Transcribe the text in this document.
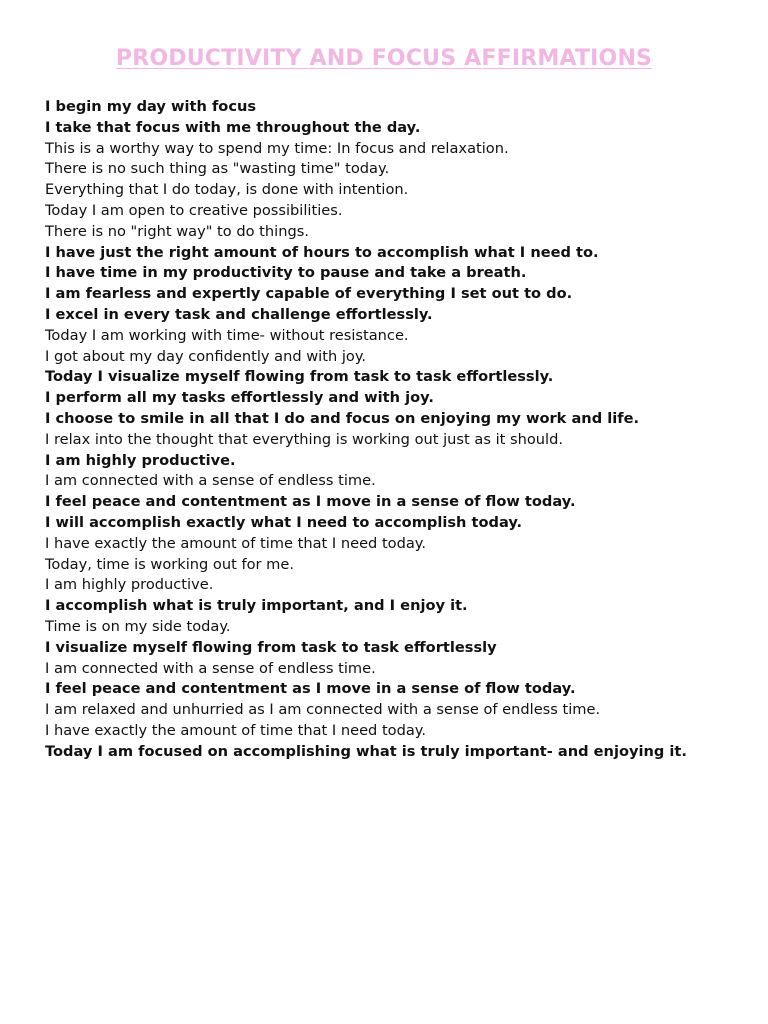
PRODUCTIVITY AND FOCUS AFFIRMATIONS

I begin my day with focus

I take that focus with me throughout the day.

This is a worthy way to spend my time: In focus and relaxation.

There is no such thing as "wasting time" today.

Everything that I do today, is done with intention.

Today I am open to creative possibilities.

There is no "right way" to do things.

I have just the right amount of hours to accomplish what I need to.

I have time in my productivity to pause and take a breath.

I am fearless and expertly capable of everything I set out to do.

I excel in every task and challenge effortlessly.

Today I am working with time- without resistance.

I got about my day confidently and with joy.

Today I visualize myself flowing from task to task effortlessly.

I perform all my tasks effortlessly and with joy.

I choose to smile in all that I do and focus on enjoying my work and life.

I relax into the thought that everything is working out just as it should.

I am highly productive.

I am connected with a sense of endless time.

I feel peace and contentment as I move in a sense of flow today.

I will accomplish exactly what I need to accomplish today.

I have exactly the amount of time that I need today.

Today, time is working out for me.

I am highly productive.

I accomplish what is truly important, and I enjoy it.

Time is on my side today.

I visualize myself flowing from task to task effortlessly

I am connected with a sense of endless time.

I feel peace and contentment as I move in a sense of flow today.

I am relaxed and unhurried as I am connected with a sense of endless time.

I have exactly the amount of time that I need today.

Today I am focused on accomplishing what is truly important- and enjoying it.
